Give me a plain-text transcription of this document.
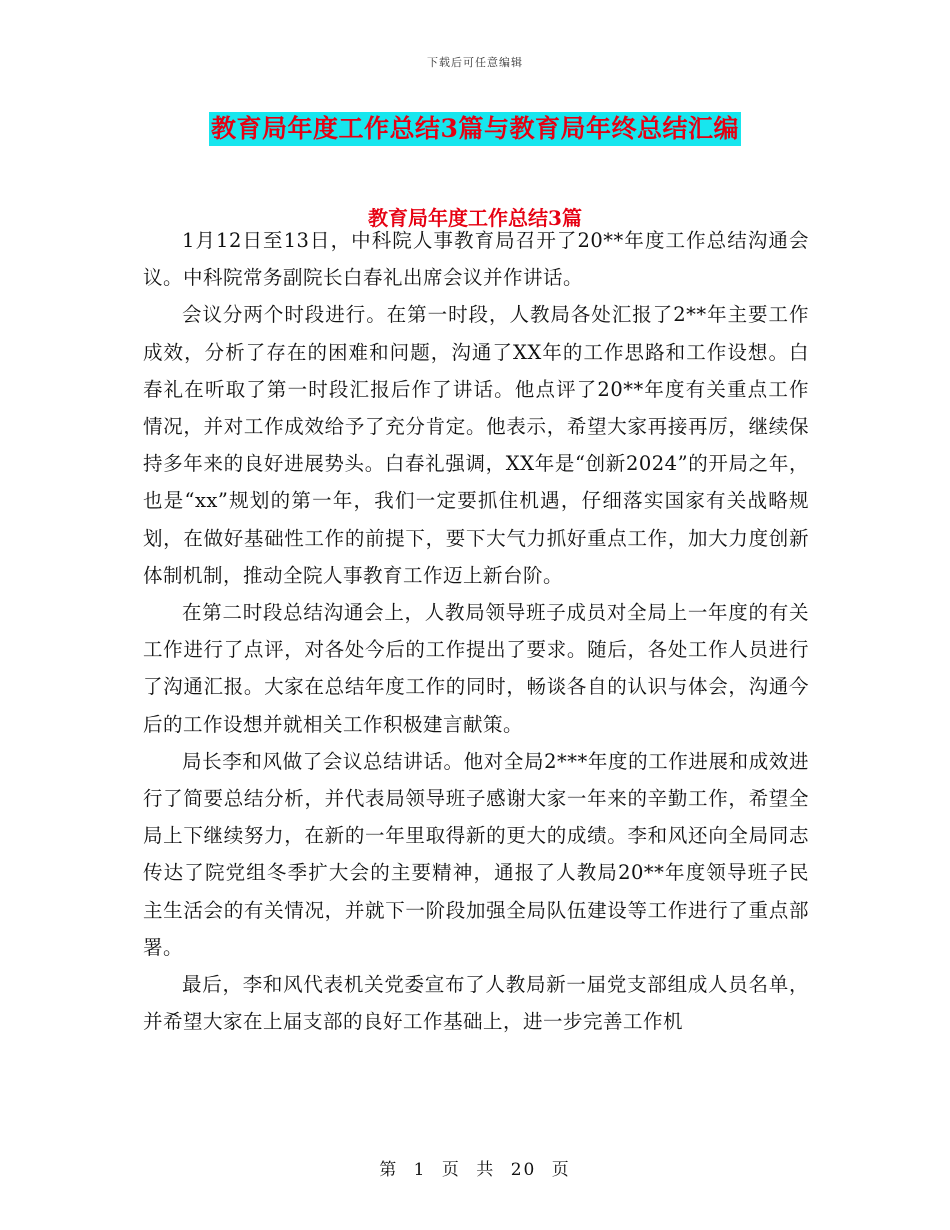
下载后可任意编辑
教育局年度工作总结3篇与教育局年终总结汇编
教育局年度工作总结3篇

1月12日至13日，中科院人事教育局召开了20**年度工作总结沟通会议。中科院常务副院长白春礼出席会议并作讲话。

会议分两个时段进行。在第一时段，人教局各处汇报了2**年主要工作成效，分析了存在的困难和问题，沟通了XX年的工作思路和工作设想。白春礼在听取了第一时段汇报后作了讲话。他点评了20**年度有关重点工作情况，并对工作成效给予了充分肯定。他表示，希望大家再接再厉，继续保持多年来的良好进展势头。白春礼强调，XX年是“创新2024”的开局之年，也是“xx”规划的第一年，我们一定要抓住机遇，仔细落实国家有关战略规划，在做好基础性工作的前提下，要下大气力抓好重点工作，加大力度创新体制机制，推动全院人事教育工作迈上新台阶。

在第二时段总结沟通会上，人教局领导班子成员对全局上一年度的有关工作进行了点评，对各处今后的工作提出了要求。随后，各处工作人员进行了沟通汇报。大家在总结年度工作的同时，畅谈各自的认识与体会，沟通今后的工作设想并就相关工作积极建言献策。

局长李和风做了会议总结讲话。他对全局2***年度的工作进展和成效进行了简要总结分析，并代表局领导班子感谢大家一年来的辛勤工作，希望全局上下继续努力，在新的一年里取得新的更大的成绩。李和风还向全局同志传达了院党组冬季扩大会的主要精神，通报了人教局20**年度领导班子民主生活会的有关情况，并就下一阶段加强全局队伍建设等工作进行了重点部署。

最后，李和风代表机关党委宣布了人教局新一届党支部组成人员名单，并希望大家在上届支部的良好工作基础上，进一步完善工作机

第 1 页 共 20 页
